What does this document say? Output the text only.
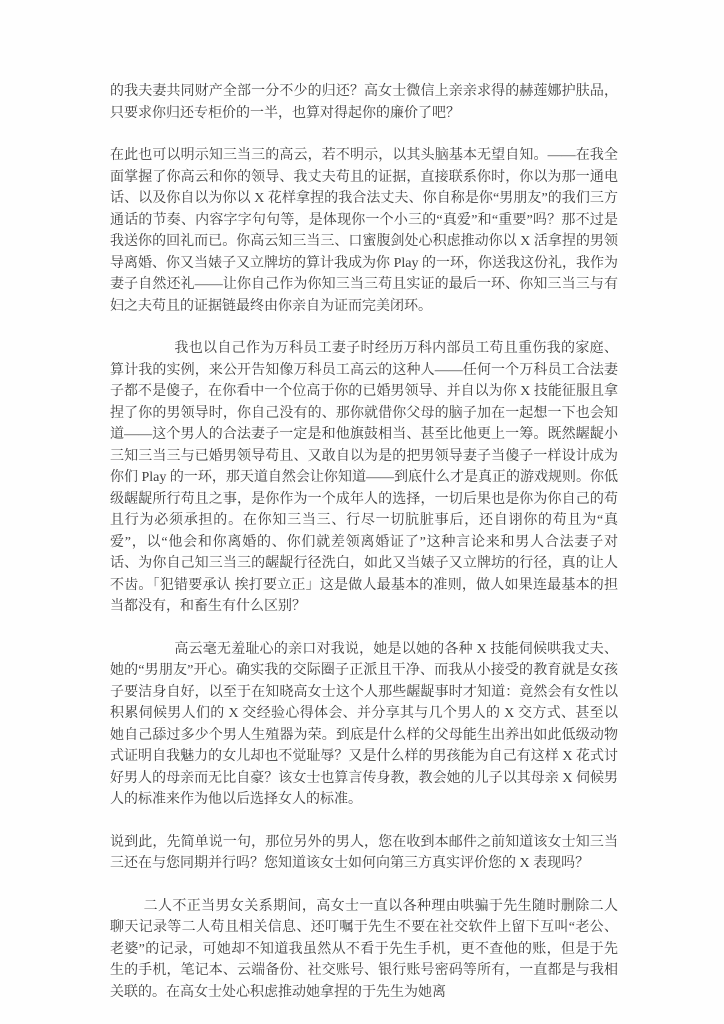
的我夫妻共同财产全部一分不少的归还？高女士微信上亲亲求得的赫莲娜护肤品，只要求你归还专柜价的一半，也算对得起你的廉价了吧？

在此也可以明示知三当三的高云，若不明示，以其头脑基本无望自知。——在我全面掌握了你高云和你的领导、我丈夫苟且的证据，直接联系你时，你以为那一通电话、以及你自以为你以 X 花样拿捏的我合法丈夫、你自称是你“男朋友”的我们三方通话的节奏、内容字字句句等，是体现你一个小三的“真爱”和“重要”吗？那不过是我送你的回礼而已。你高云知三当三、口蜜腹剑处心积虑推动你以 X 活拿捏的男领导离婚、你又当婊子又立牌坊的算计我成为你 Play 的一环，你送我这份礼，我作为妻子自然还礼——让你自己作为你知三当三苟且实证的最后一环、你知三当三与有妇之夫苟且的证据链最终由你亲自为证而完美闭环。

我也以自己作为万科员工妻子时经历万科内部员工苟且重伤我的家庭、算计我的实例，来公开告知像万科员工高云的这种人——任何一个万科员工合法妻子都不是傻子，在你看中一个位高于你的已婚男领导、并自以为你 X 技能征服且拿捏了你的男领导时，你自己没有的、那你就借你父母的脑子加在一起想一下也会知道——这个男人的合法妻子一定是和他旗鼓相当、甚至比他更上一筹。既然龌龊小三知三当三与已婚男领导苟且、又敢自以为是的把男领导妻子当傻子一样设计成为你们 Play 的一环，那天道自然会让你知道——到底什么才是真正的游戏规则。你低级龌龊所行苟且之事，是你作为一个成年人的选择，一切后果也是你为你自己的苟且行为必须承担的。在你知三当三、行尽一切肮脏事后，还自诩你的苟且为“真爱”，以“他会和你离婚的、你们就差领离婚证了”这种言论来和男人合法妻子对话、为你自己知三当三的龌龊行径洗白，如此又当婊子又立牌坊的行径，真的让人不齿。「犯错要承认 挨打要立正」这是做人最基本的准则，做人如果连最基本的担当都没有，和畜生有什么区别？

高云毫无羞耻心的亲口对我说，她是以她的各种 X 技能伺候哄我丈夫、她的“男朋友”开心。确实我的交际圈子正派且干净、而我从小接受的教育就是女孩子要洁身自好，以至于在知晓高女士这个人那些龌龊事时才知道：竟然会有女性以积累伺候男人们的 X 交经验心得体会、并分享其与几个男人的 X 交方式、甚至以她自己舔过多少个男人生殖器为荣。到底是什么样的父母能生出养出如此低级动物式证明自我魅力的女儿却也不觉耻辱？又是什么样的男孩能为自己有这样 X 花式讨好男人的母亲而无比自豪？该女士也算言传身教，教会她的儿子以其母亲 X 伺候男人的标准来作为他以后选择女人的标准。

说到此，先简单说一句，那位另外的男人，您在收到本邮件之前知道该女士知三当三还在与您同期并行吗？您知道该女士如何向第三方真实评价您的 X 表现吗？

二人不正当男女关系期间，高女士一直以各种理由哄骗于先生随时删除二人聊天记录等二人苟且相关信息、还叮嘱于先生不要在社交软件上留下互叫“老公、老婆”的记录，可她却不知道我虽然从不看于先生手机，更不查他的账，但是于先生的手机，笔记本、云端备份、社交账号、银行账号密码等所有，一直都是与我相关联的。在高女士处心积虑推动她拿捏的于先生为她离
